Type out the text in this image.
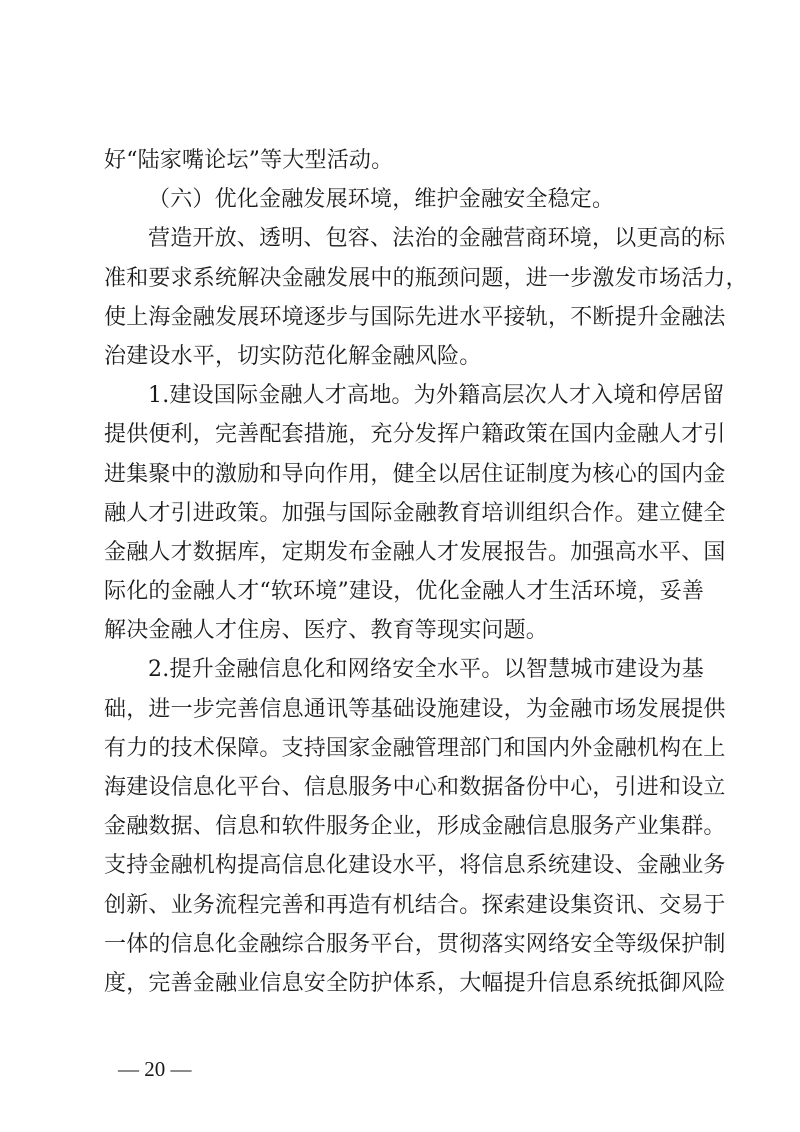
好“陆家嘴论坛”等大型活动。
（六）优化金融发展环境，维护金融安全稳定。
营造开放、透明、包容、法治的金融营商环境，以更高的标
准和要求系统解决金融发展中的瓶颈问题，进一步激发市场活力，
使上海金融发展环境逐步与国际先进水平接轨，不断提升金融法
治建设水平，切实防范化解金融风险。
1.建设国际金融人才高地。为外籍高层次人才入境和停居留
提供便利，完善配套措施，充分发挥户籍政策在国内金融人才引
进集聚中的激励和导向作用，健全以居住证制度为核心的国内金
融人才引进政策。加强与国际金融教育培训组织合作。建立健全
金融人才数据库，定期发布金融人才发展报告。加强高水平、国
际化的金融人才“软环境”建设，优化金融人才生活环境，妥善
解决金融人才住房、医疗、教育等现实问题。
2.提升金融信息化和网络安全水平。以智慧城市建设为基
础，进一步完善信息通讯等基础设施建设，为金融市场发展提供
有力的技术保障。支持国家金融管理部门和国内外金融机构在上
海建设信息化平台、信息服务中心和数据备份中心，引进和设立
金融数据、信息和软件服务企业，形成金融信息服务产业集群。
支持金融机构提高信息化建设水平，将信息系统建设、金融业务
创新、业务流程完善和再造有机结合。探索建设集资讯、交易于
一体的信息化金融综合服务平台，贯彻落实网络安全等级保护制
度，完善金融业信息安全防护体系，大幅提升信息系统抵御风险
— 20 —
